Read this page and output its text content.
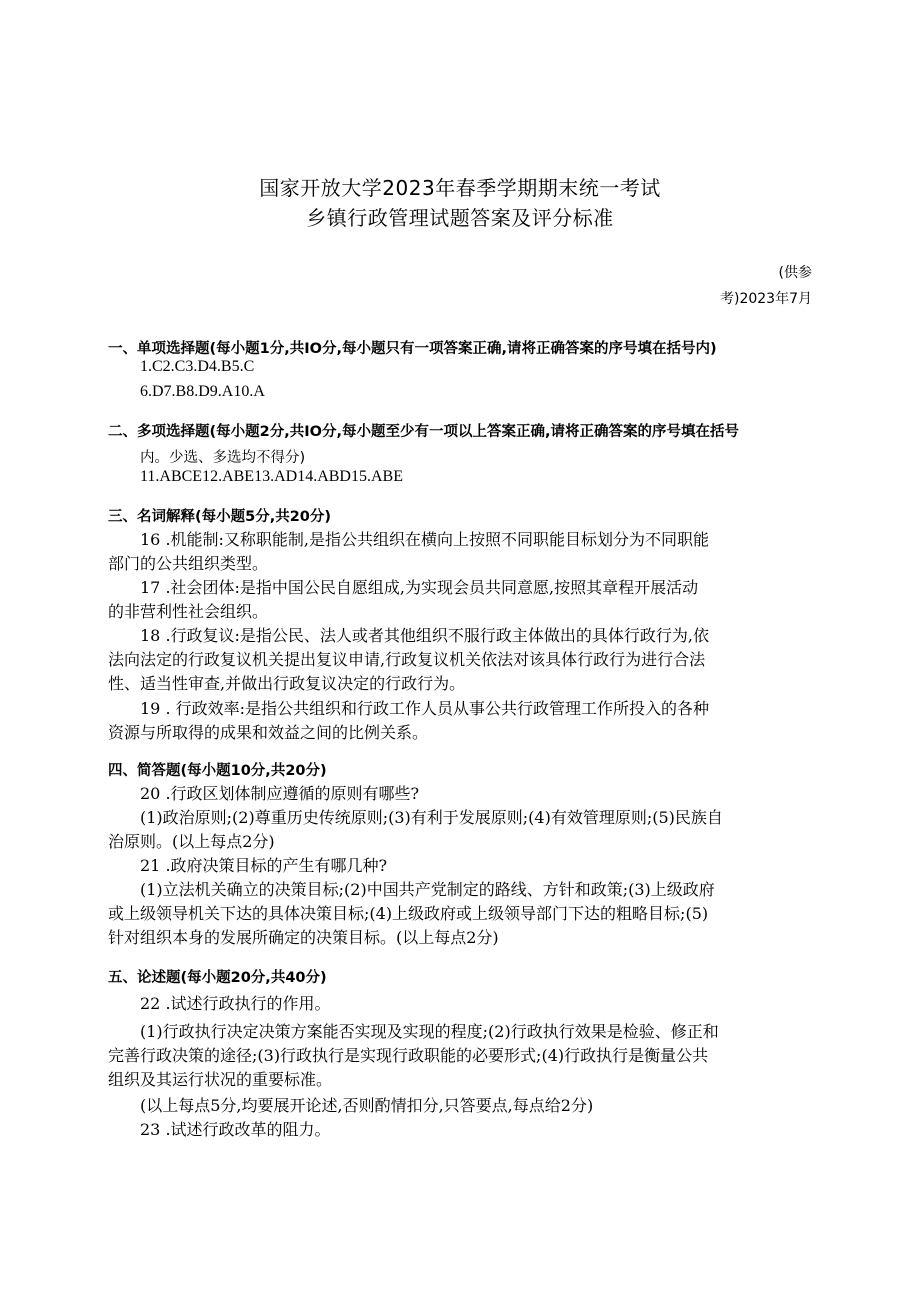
国家开放大学2023年春季学期期末统一考试
乡镇行政管理试题答案及评分标准
(供参
考)2023年7月
一、单项选择题(每小题1分,共IO分,每小题只有一项答案正确,请将正确答案的序号填在括号内)
1.C2.C3.D4.B5.C
6.D7.B8.D9.A10.A
二、多项选择题(每小题2分,共IO分,每小题至少有一项以上答案正确,请将正确答案的序号填在括号
内。少选、多选均不得分)
11.ABCE12.ABE13.AD14.ABD15.ABE
三、名词解释(每小题5分,共20分)
16 .机能制:又称职能制,是指公共组织在横向上按照不同职能目标划分为不同职能
部门的公共组织类型。
17 .社会团体:是指中国公民自愿组成,为实现会员共同意愿,按照其章程开展活动
的非营利性社会组织。
18 .行政复议:是指公民、法人或者其他组织不服行政主体做出的具体行政行为,依
法向法定的行政复议机关提出复议申请,行政复议机关依法对该具体行政行为进行合法
性、适当性审查,并做出行政复议决定的行政行为。
19 . 行政效率:是指公共组织和行政工作人员从事公共行政管理工作所投入的各种
资源与所取得的成果和效益之间的比例关系。
四、简答题(每小题10分,共20分)
20 .行政区划体制应遵循的原则有哪些?
(1)政治原则;(2)尊重历史传统原则;(3)有利于发展原则;(4)有效管理原则;(5)民族自
治原则。(以上每点2分)
21 .政府决策目标的产生有哪几种?
(1)立法机关确立的决策目标;(2)中国共产党制定的路线、方针和政策;(3)上级政府
或上级领导机关下达的具体决策目标;(4)上级政府或上级领导部门下达的粗略目标;(5)
针对组织本身的发展所确定的决策目标。(以上每点2分)
五、论述题(每小题20分,共40分)
22 .试述行政执行的作用。
(1)行政执行决定决策方案能否实现及实现的程度;(2)行政执行效果是检验、修正和
完善行政决策的途径;(3)行政执行是实现行政职能的必要形式;(4)行政执行是衡量公共
组织及其运行状况的重要标准。
(以上每点5分,均要展开论述,否则酌情扣分,只答要点,每点给2分)
23 .试述行政改革的阻力。
